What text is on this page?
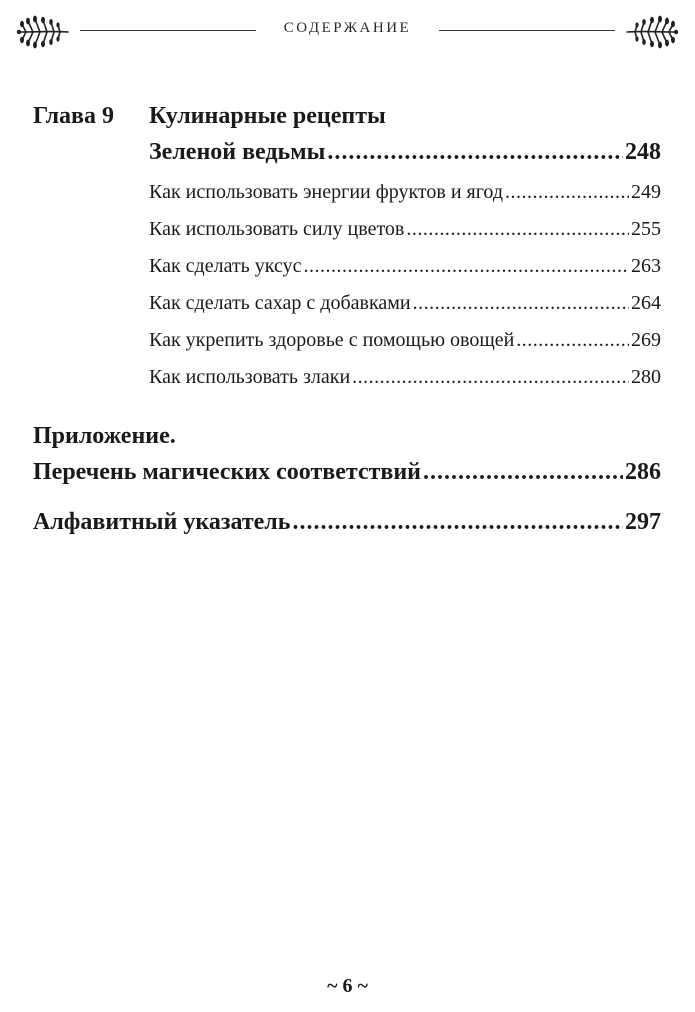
СОДЕРЖАНИЕ
Глава 9 Кулинарные рецепты
Зеленой ведьмы .....	248
Как использовать энергии фруктов и ягод .....	249
Как использовать силу цветов .....	255
Как сделать уксус .....	263
Как сделать сахар с добавками .....	264
Как укрепить здоровье с помощью овощей .....	269
Как использовать злаки .....	280
Приложение.
Перечень магических соответствий .....	286
Алфавитный указатель .....	297
~ 6 ~
